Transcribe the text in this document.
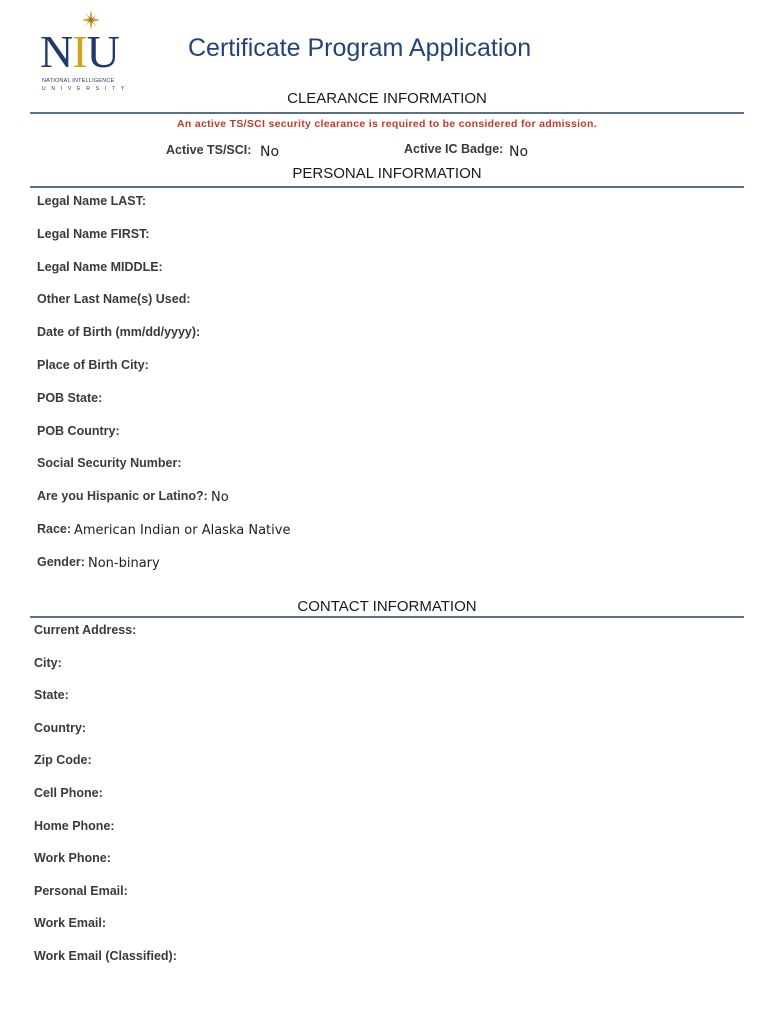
NIU
NATIONAL INTELLIGENCE
UNIVERSITY
Certificate Program Application
CLEARANCE INFORMATION
An active TS/SCI security clearance is required to be considered for admission.
Active TS/SCI: No	Active IC Badge: No
PERSONAL INFORMATION
Legal Name LAST:
Legal Name FIRST:
Legal Name MIDDLE:
Other Last Name(s) Used:
Date of Birth (mm/dd/yyyy):
Place of Birth City:
POB State:
POB Country:
Social Security Number:
Are you Hispanic or Latino?: No
Race: American Indian or Alaska Native
Gender: Non-binary
CONTACT INFORMATION
Current Address:
City:
State:
Country:
Zip Code:
Cell Phone:
Home Phone:
Work Phone:
Personal Email:
Work Email:
Work Email (Classified):
